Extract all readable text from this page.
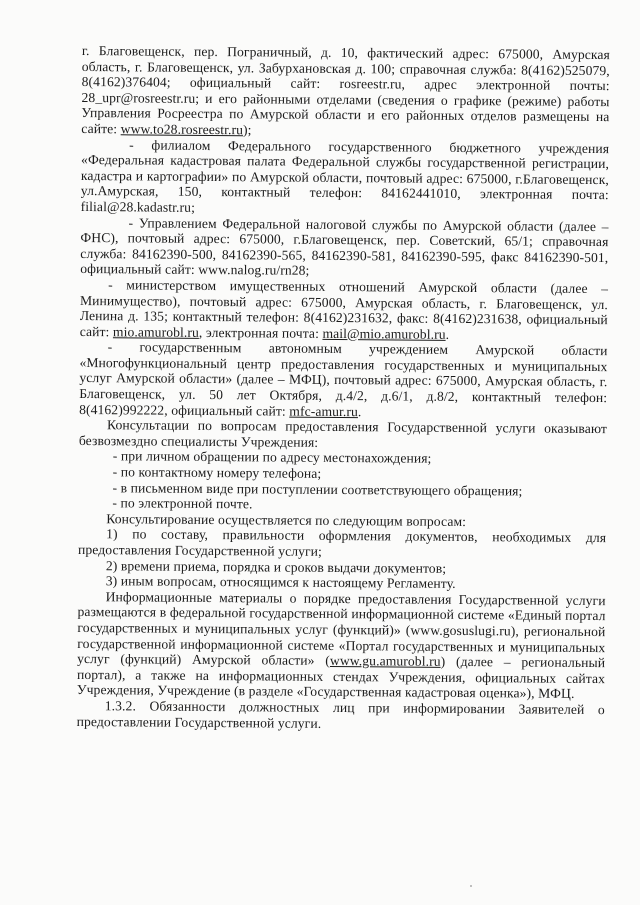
г. Благовещенск, пер. Пограничный, д. 10, фактический адрес: 675000, Амурская область, г. Благовещенск, ул. Забурхановская д. 100; справочная служба: 8(4162)525079, 8(4162)376404; официальный сайт: rosreestr.ru, адрес электронной почты: 28_upr@rosreestr.ru; и его районными отделами (сведения о графике (режиме) работы Управления Росреестра по Амурской области и его районных отделов размещены на сайте: www.to28.rosreestr.ru);

- филиалом Федерального государственного бюджетного учреждения «Федеральная кадастровая палата Федеральной службы государственной регистрации, кадастра и картографии» по Амурской области, почтовый адрес: 675000, г.Благовещенск, ул.Амурская, 150, контактный телефон: 84162441010, электронная почта: filial@28.kadastr.ru;

- Управлением Федеральной налоговой службы по Амурской области (далее – ФНС), почтовый адрес: 675000, г.Благовещенск, пер. Советский, 65/1; справочная служба: 84162390-500, 84162390-565, 84162390-581, 84162390-595, факс 84162390-501, официальный сайт: www.nalog.ru/rn28;

- министерством имущественных отношений Амурской области (далее – Минимущество), почтовый адрес: 675000, Амурская область, г. Благовещенск, ул. Ленина д. 135; контактный телефон: 8(4162)231632, факс: 8(4162)231638, официальный сайт: mio.amurobl.ru, электронная почта: mail@mio.amurobl.ru.

- государственным автономным учреждением Амурской области «Многофункциональный центр предоставления государственных и муниципальных услуг Амурской области» (далее – МФЦ), почтовый адрес: 675000, Амурская область, г. Благовещенск, ул. 50 лет Октября, д.4/2, д.6/1, д.8/2, контактный телефон: 8(4162)992222, официальный сайт: mfc-amur.ru.

Консультации по вопросам предоставления Государственной услуги оказывают безвозмездно специалисты Учреждения:

- при личном обращении по адресу местонахождения;

- по контактному номеру телефона;

- в письменном виде при поступлении соответствующего обращения;

- по электронной почте.

Консультирование осуществляется по следующим вопросам:

1) по составу, правильности оформления документов, необходимых для предоставления Государственной услуги;

2) времени приема, порядка и сроков выдачи документов;

3) иным вопросам, относящимся к настоящему Регламенту.

Информационные материалы о порядке предоставления Государственной услуги размещаются в федеральной государственной информационной системе «Единый портал государственных и муниципальных услуг (функций)» (www.gosuslugi.ru), региональной государственной информационной системе «Портал государственных и муниципальных услуг (функций) Амурской области» (www.gu.amurobl.ru) (далее – региональный портал), а также на информационных стендах Учреждения, официальных сайтах Учреждения, Учреждение (в разделе «Государственная кадастровая оценка»), МФЦ.

1.3.2. Обязанности должностных лиц при информировании Заявителей о предоставлении Государственной услуги.
